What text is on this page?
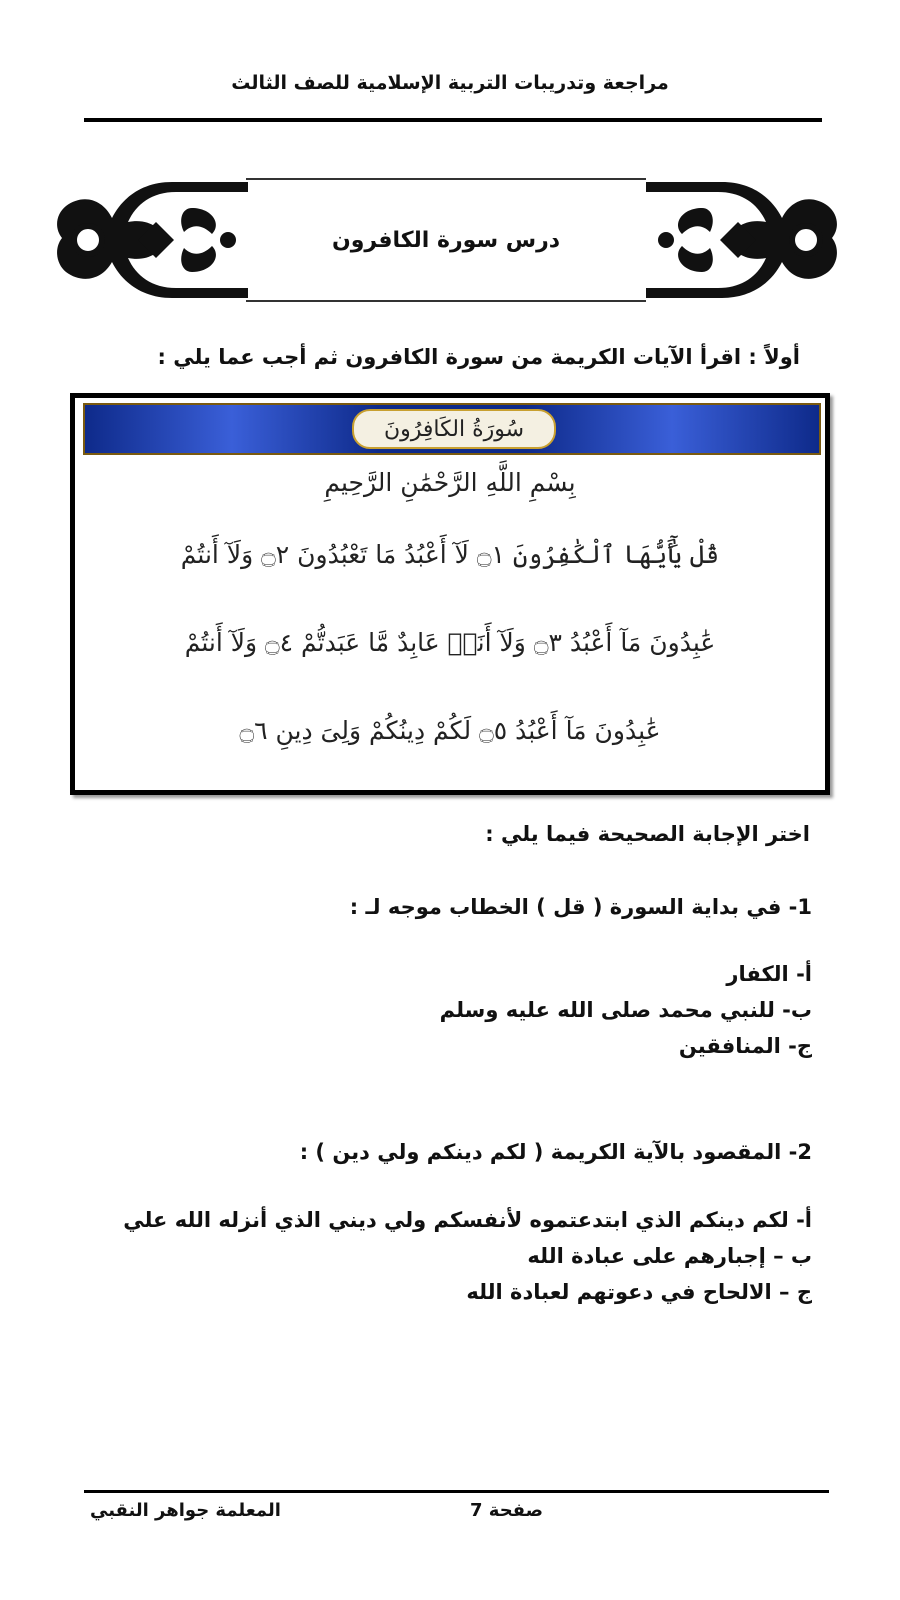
مراجعة وتدريبات التربية الإسلامية للصف الثالث
درس سورة الكافرون
أولاً : اقرأ الآيات الكريمة من سورة الكافرون ثم أجب عما يلي :
سُورَةُ الكَافِرُونَ
بِسْمِ اللَّهِ الرَّحْمَٰنِ الرَّحِيمِ
قُلْ يَٰٓأَيُّهَا ٱلْكَٰفِرُونَ ۝١ لَآ أَعْبُدُ مَا تَعْبُدُونَ ۝٢ وَلَآ أَنتُمْ
عَٰبِدُونَ مَآ أَعْبُدُ ۝٣ وَلَآ أَنَا۠ عَابِدٌ مَّا عَبَدتُّمْ ۝٤ وَلَآ أَنتُمْ
عَٰبِدُونَ مَآ أَعْبُدُ ۝٥ لَكُمْ دِينُكُمْ وَلِىَ دِينِ ۝٦
اختر الإجابة الصحيحة فيما يلي :
1- في بداية السورة ( قل ) الخطاب موجه لـ :
أ- الكفار
ب- للنبي محمد صلى الله عليه وسلم
ج- المنافقين
2- المقصود بالآية الكريمة ( لكم دينكم ولي دين ) :
أ- لكم دينكم الذي ابتدعتموه لأنفسكم ولي ديني الذي أنزله الله علي
ب – إجبارهم على عبادة الله
ج – الالحاح في دعوتهم لعبادة الله
صفحة 7
المعلمة جواهر النقبي
